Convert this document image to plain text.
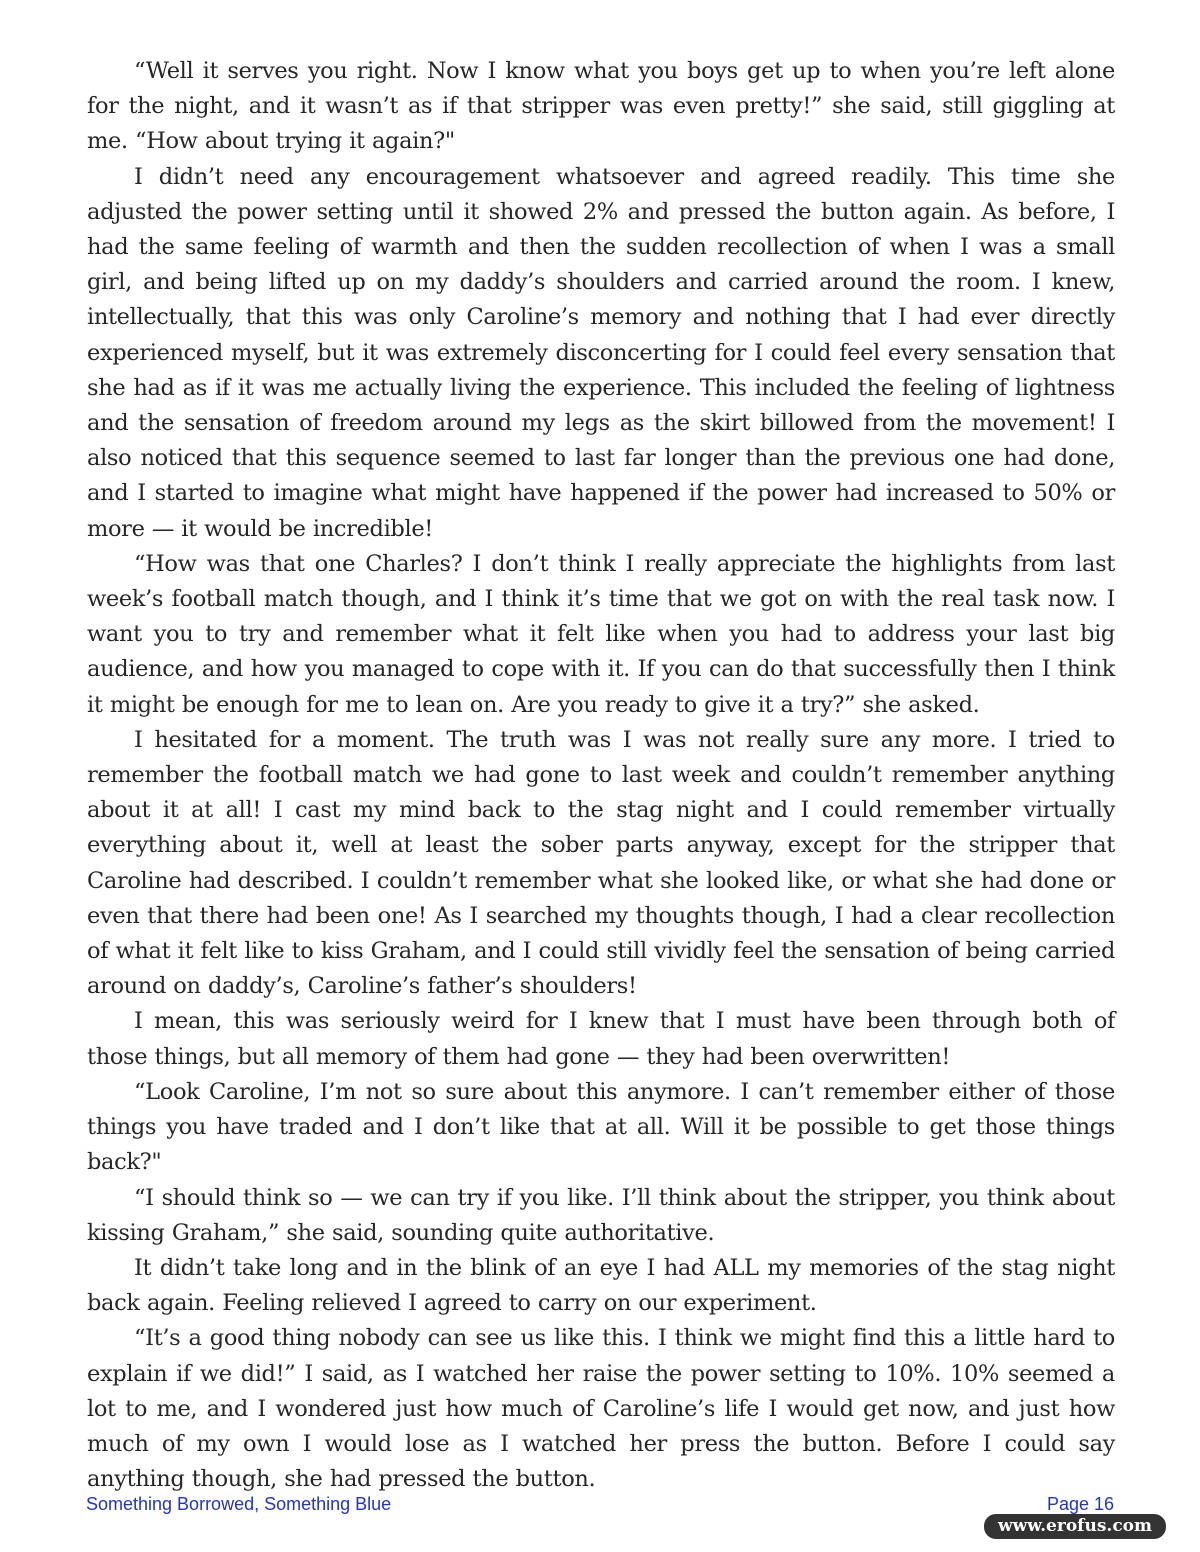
“Well it serves you right. Now I know what you boys get up to when you’re left alone for the night, and it wasn’t as if that stripper was even pretty!” she said, still giggling at me. “How about trying it again?"

I didn’t need any encouragement whatsoever and agreed readily. This time she adjusted the power setting until it showed 2% and pressed the button again. As before, I had the same feeling of warmth and then the sudden recollection of when I was a small girl, and being lifted up on my daddy’s shoulders and carried around the room. I knew, intellectually, that this was only Caroline’s memory and nothing that I had ever directly experienced myself, but it was extremely disconcerting for I could feel every sensation that she had as if it was me actually living the experience. This included the feeling of lightness and the sensation of freedom around my legs as the skirt billowed from the movement! I also noticed that this sequence seemed to last far longer than the previous one had done, and I started to imagine what might have happened if the power had increased to 50% or more — it would be incredible!

“How was that one Charles? I don’t think I really appreciate the highlights from last week’s football match though, and I think it’s time that we got on with the real task now. I want you to try and remember what it felt like when you had to address your last big audience, and how you managed to cope with it. If you can do that successfully then I think it might be enough for me to lean on. Are you ready to give it a try?” she asked.

I hesitated for a moment. The truth was I was not really sure any more. I tried to remember the football match we had gone to last week and couldn’t remember anything about it at all! I cast my mind back to the stag night and I could remember virtually everything about it, well at least the sober parts anyway, except for the stripper that Caroline had described. I couldn’t remember what she looked like, or what she had done or even that there had been one! As I searched my thoughts though, I had a clear recollection of what it felt like to kiss Graham, and I could still vividly feel the sensation of being carried around on daddy’s, Caroline’s father’s shoulders!

I mean, this was seriously weird for I knew that I must have been through both of those things, but all memory of them had gone — they had been overwritten!

“Look Caroline, I’m not so sure about this anymore. I can’t remember either of those things you have traded and I don’t like that at all. Will it be possible to get those things back?"

“I should think so — we can try if you like. I’ll think about the stripper, you think about kissing Graham,” she said, sounding quite authoritative.

It didn’t take long and in the blink of an eye I had ALL my memories of the stag night back again. Feeling relieved I agreed to carry on our experiment.

“It’s a good thing nobody can see us like this. I think we might find this a little hard to explain if we did!” I said, as I watched her raise the power setting to 10%. 10% seemed a lot to me, and I wondered just how much of Caroline’s life I would get now, and just how much of my own I would lose as I watched her press the button. Before I could say anything though, she had pressed the button.

Something Borrowed, Something Blue	Page 16
www.erofus.com
